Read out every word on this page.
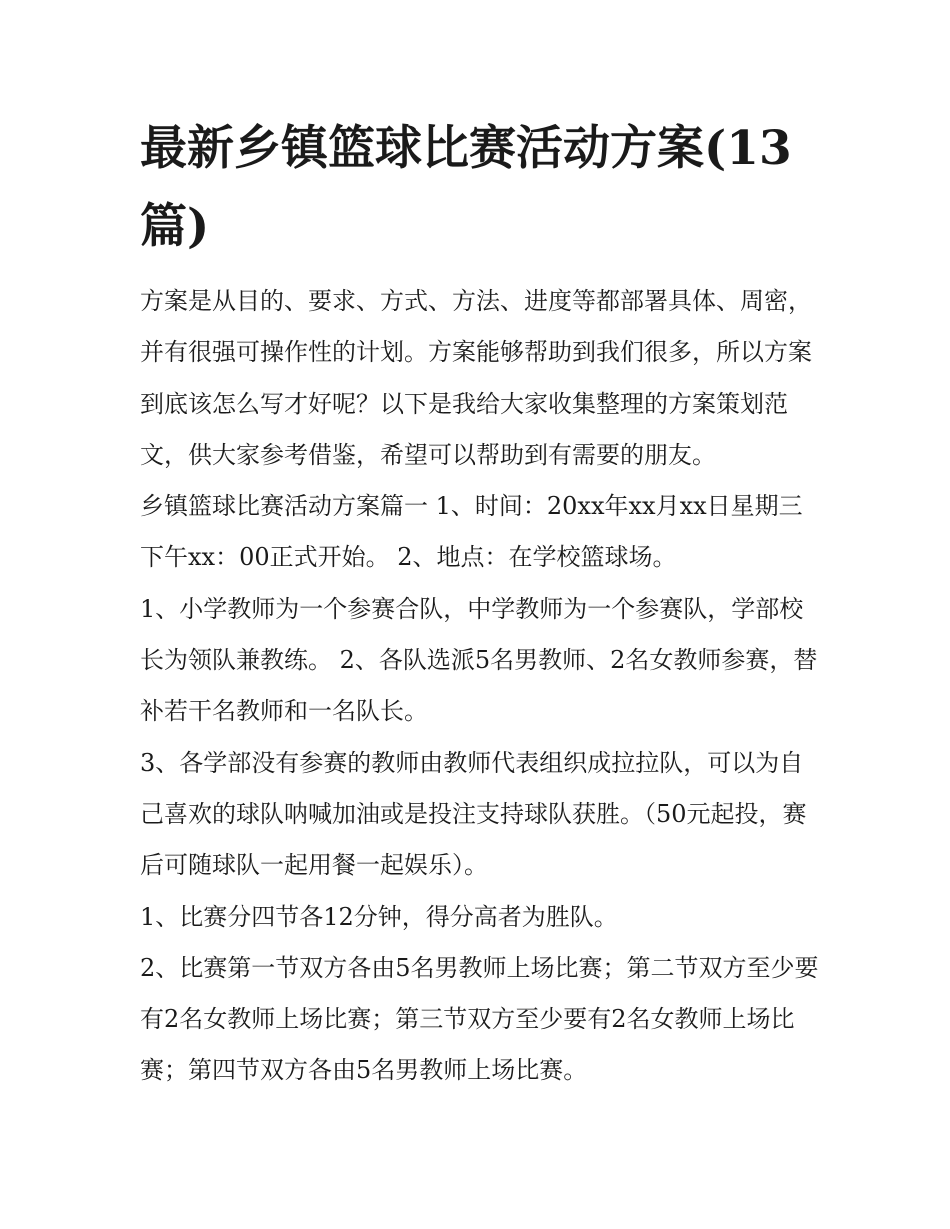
最新乡镇篮球比赛活动方案(13篇)

方案是从目的、要求、方式、方法、进度等都部署具体、周密，并有很强可操作性的计划。方案能够帮助到我们很多，所以方案到底该怎么写才好呢？以下是我给大家收集整理的方案策划范文，供大家参考借鉴，希望可以帮助到有需要的朋友。

乡镇篮球比赛活动方案篇一 1、时间：20xx年xx月xx日星期三下午xx：00正式开始。 2、地点：在学校篮球场。

1、小学教师为一个参赛合队，中学教师为一个参赛队，学部校长为领队兼教练。 2、各队选派5名男教师、2名女教师参赛，替补若干名教师和一名队长。

3、各学部没有参赛的教师由教师代表组织成拉拉队，可以为自己喜欢的球队呐喊加油或是投注支持球队获胜。（50元起投，赛后可随球队一起用餐一起娱乐）。

1、比赛分四节各12分钟，得分高者为胜队。

2、比赛第一节双方各由5名男教师上场比赛；第二节双方至少要有2名女教师上场比赛；第三节双方至少要有2名女教师上场比赛；第四节双方各由5名男教师上场比赛。
